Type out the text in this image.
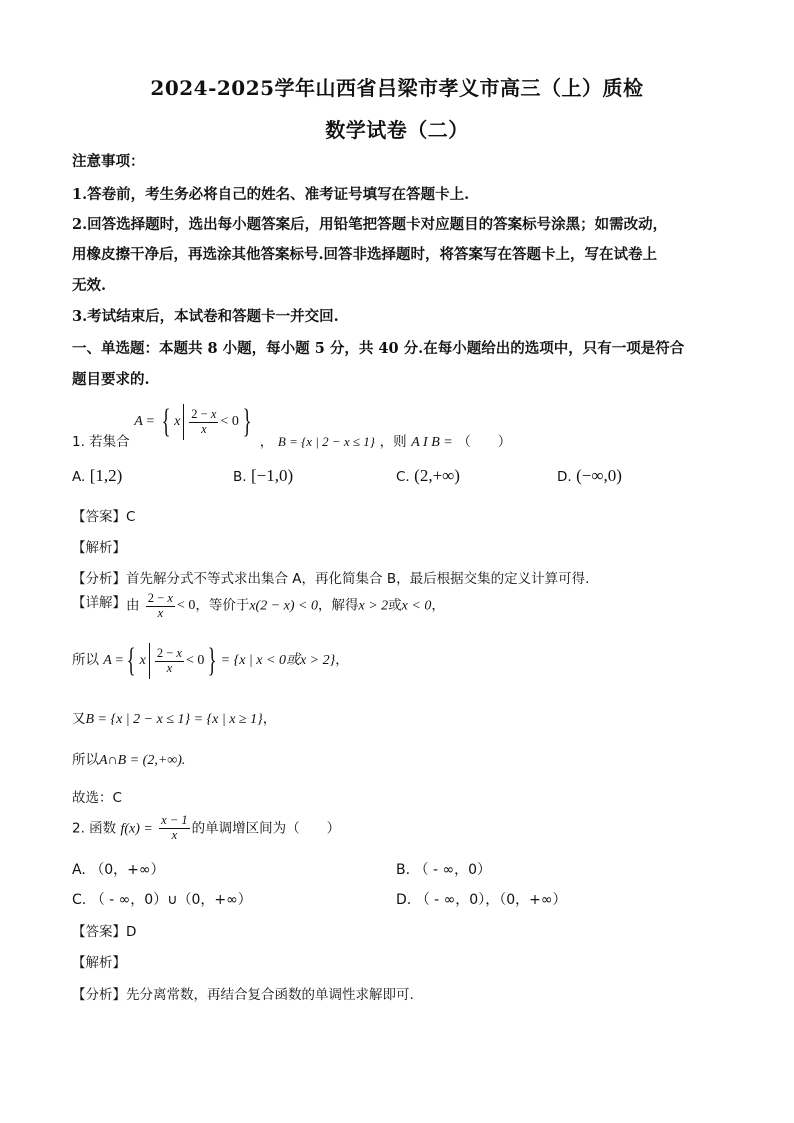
2024-2025学年山西省吕梁市孝义市高三（上）质检
数学试卷（二）
注意事项：
1.答卷前，考生务必将自己的姓名、准考证号填写在答题卡上.
2.回答选择题时，选出每小题答案后，用铅笔把答题卡对应题目的答案标号涂黑；如需改动，
用橡皮擦干净后，再选涂其他答案标号.回答非选择题时，将答案写在答题卡上，写在试卷上
无效.
3.考试结束后，本试卷和答题卡一并交回.
一、单选题：本题共 8 小题，每小题 5 分，共 40 分.在每小题给出的选项中，只有一项是符合
题目要求的.
1. 若集合 A = { x $\frac{2 - x}{x} < 0$ } ， B = {x | 2 − x ≤ 1} ，则 A I B = （　　）
A. [1,2)	B. [−1,0)	C. (2,+∞)	D. (−∞,0)
【答案】C
【解析】
【分析】首先解分式不等式求出集合 A，再化简集合 B，最后根据交集的定义计算可得.
【详解】由 $\frac{2 - x}{x} < 0$，等价于x(2 − x) < 0，解得x > 2或x < 0，
所以 A = { x $\frac{2 - x}{x} < 0$ } = {x | x < 0或x > 2}，
又B = {x | 2 − x ≤ 1} = {x | x ≥ 1}，
所以A∩B = (2,+∞).
故选：C
2. 函数 $f(x) = \frac{x - 1}{x}$ 的单调增区间为（　　）
A. （0，+∞）	B. （ - ∞，0）
C. （ - ∞，0）∪（0，+∞）	D. （ - ∞，0），（0，+∞）
【答案】D
【解析】
【分析】先分离常数，再结合复合函数的单调性求解即可.
